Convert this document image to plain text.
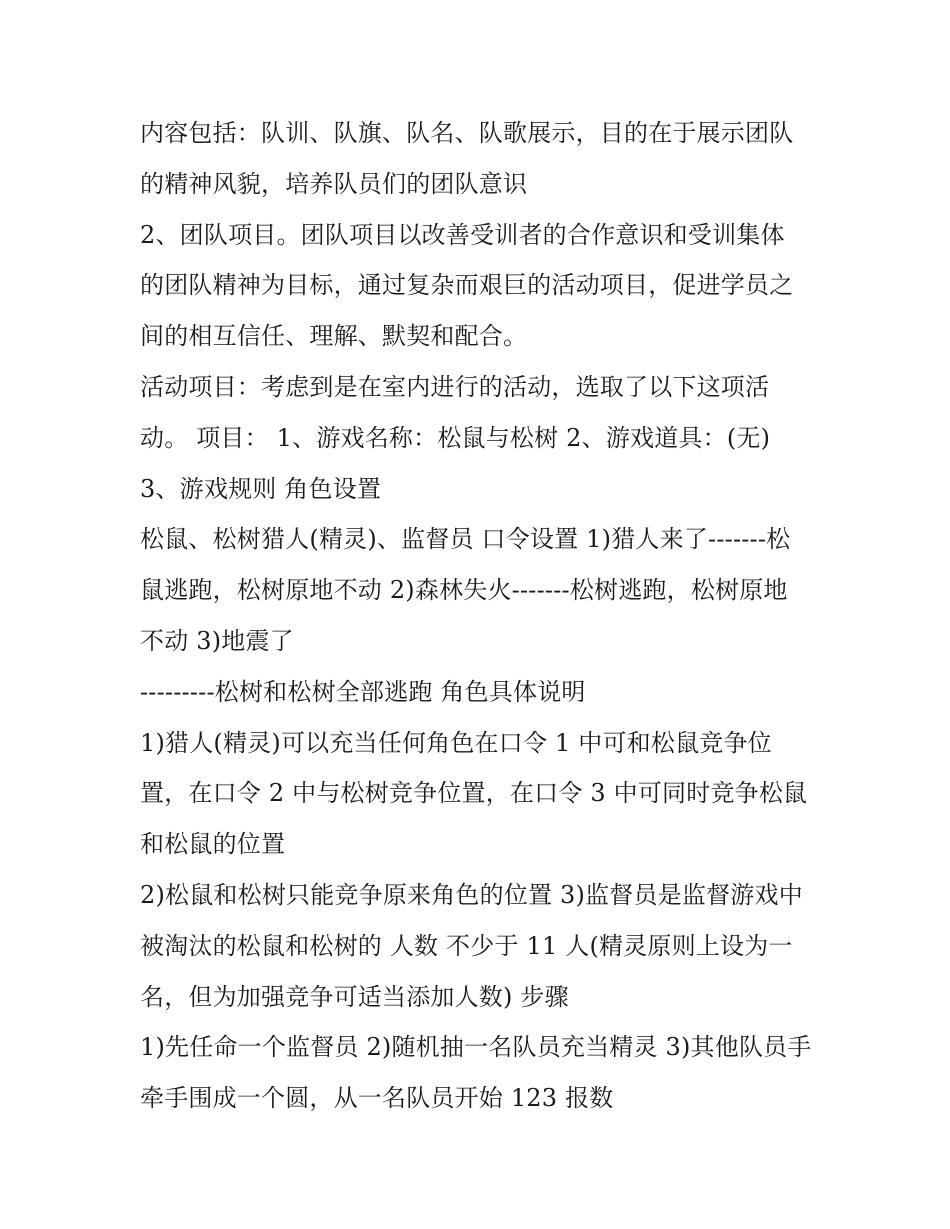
内容包括：队训、队旗、队名、队歌展示，目的在于展示团队
的精神风貌，培养队员们的团队意识
2、团队项目。团队项目以改善受训者的合作意识和受训集体
的团队精神为目标，通过复杂而艰巨的活动项目，促进学员之
间的相互信任、理解、默契和配合。
活动项目：考虑到是在室内进行的活动，选取了以下这项活
动。 项目： 1、游戏名称：松鼠与松树 2、游戏道具：(无)
3、游戏规则 角色设置
松鼠、松树猎人(精灵)、监督员 口令设置 1)猎人来了-------松
鼠逃跑，松树原地不动 2)森林失火-------松树逃跑，松树原地
不动 3)地震了
---------松树和松树全部逃跑 角色具体说明
1)猎人(精灵)可以充当任何角色在口令 1 中可和松鼠竞争位
置，在口令 2 中与松树竞争位置，在口令 3 中可同时竞争松鼠
和松鼠的位置
2)松鼠和松树只能竞争原来角色的位置 3)监督员是监督游戏中
被淘汰的松鼠和松树的 人数 不少于 11 人(精灵原则上设为一
名，但为加强竞争可适当添加人数) 步骤
1)先任命一个监督员 2)随机抽一名队员充当精灵 3)其他队员手
牵手围成一个圆，从一名队员开始 123 报数
